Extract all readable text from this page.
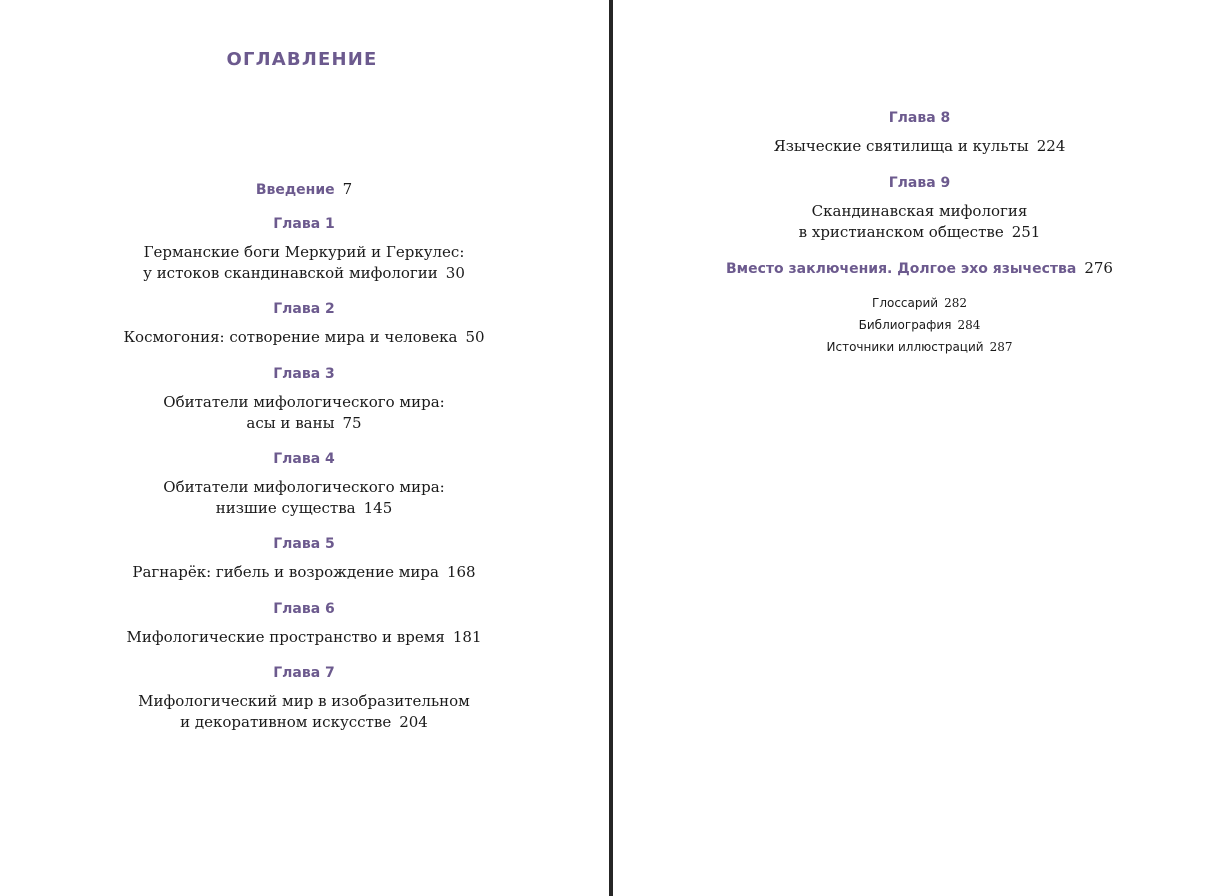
ОГЛАВЛЕНИЕ

Введение 7

Глава 1

Германские боги Меркурий и Геркулес:

у истоков скандинавской мифологии 30

Глава 2

Космогония: сотворение мира и человека 50

Глава 3

Обитатели мифологического мира:

асы и ваны 75

Глава 4

Обитатели мифологического мира:

низшие существа 145

Глава 5

Рагнарёк: гибель и возрождение мира 168

Глава 6

Мифологические пространство и время 181

Глава 7

Мифологический мир в изобразительном

и декоративном искусстве 204

Глава 8

Языческие святилища и культы 224

Глава 9

Скандинавская мифология

в христианском обществе 251

Вместо заключения. Долгое эхо язычества 276

Глоссарий 282

Библиография 284

Источники иллюстраций 287
